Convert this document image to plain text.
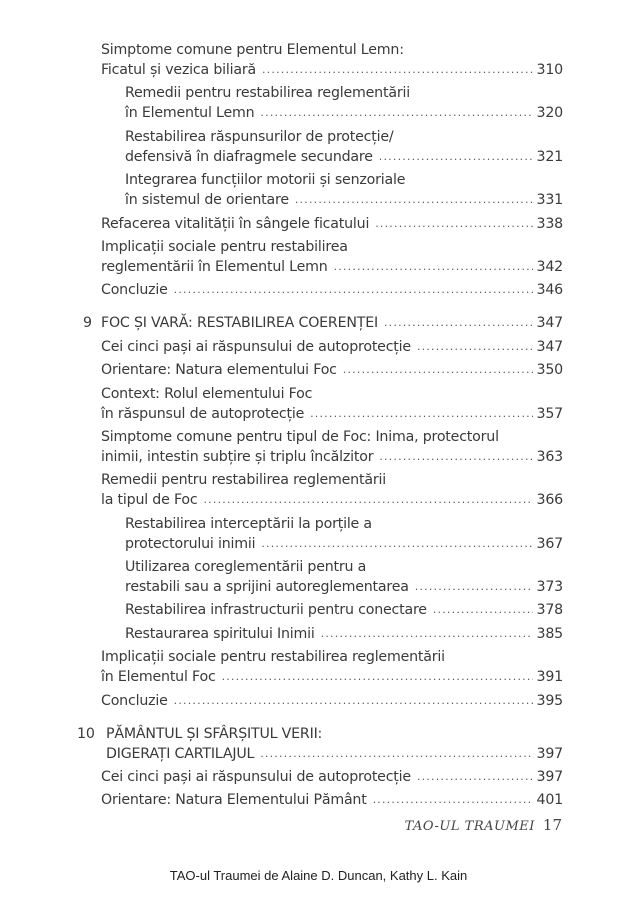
Simptome comune pentru Elementul Lemn:
Ficatul și vezica biliară .....	310
Remedii pentru restabilirea reglementării
în Elementul Lemn .....	320
Restabilirea răspunsurilor de protecție/
defensivă în diafragmele secundare .....	321
Integrarea funcțiilor motorii și senzoriale
în sistemul de orientare .....	331
Refacerea vitalității în sângele ficatului .....	338
Implicații sociale pentru restabilirea
reglementării în Elementul Lemn .....	342
Concluzie .....	346
9 FOC ȘI VARĂ: RESTABILIREA COERENȚEI .....	347
Cei cinci pași ai răspunsului de autoprotecție .....	347
Orientare: Natura elementului Foc .....	350
Context: Rolul elementului Foc
în răspunsul de autoprotecție .....	357
Simptome comune pentru tipul de Foc: Inima, protectorul
inimii, intestin subțire și triplu încălzitor .....	363
Remedii pentru restabilirea reglementării
la tipul de Foc .....	366
Restabilirea interceptării la porțile a
protectorului inimii .....	367
Utilizarea coreglementării pentru a
restabili sau a sprijini autoreglementarea .....	373
Restabilirea infrastructurii pentru conectare .....	378
Restaurarea spiritului Inimii .....	385
Implicații sociale pentru restabilirea reglementării
în Elementul Foc .....	391
Concluzie .....	395
10 PĂMÂNTUL ȘI SFÂRȘITUL VERII:
DIGERAȚI CARTILAJUL .....	397
Cei cinci pași ai răspunsului de autoprotecție .....	397
Orientare: Natura Elementului Pământ .....	401
TAO-UL TRAUMEI 17
TAO-ul Traumei de Alaine D. Duncan, Kathy L. Kain
